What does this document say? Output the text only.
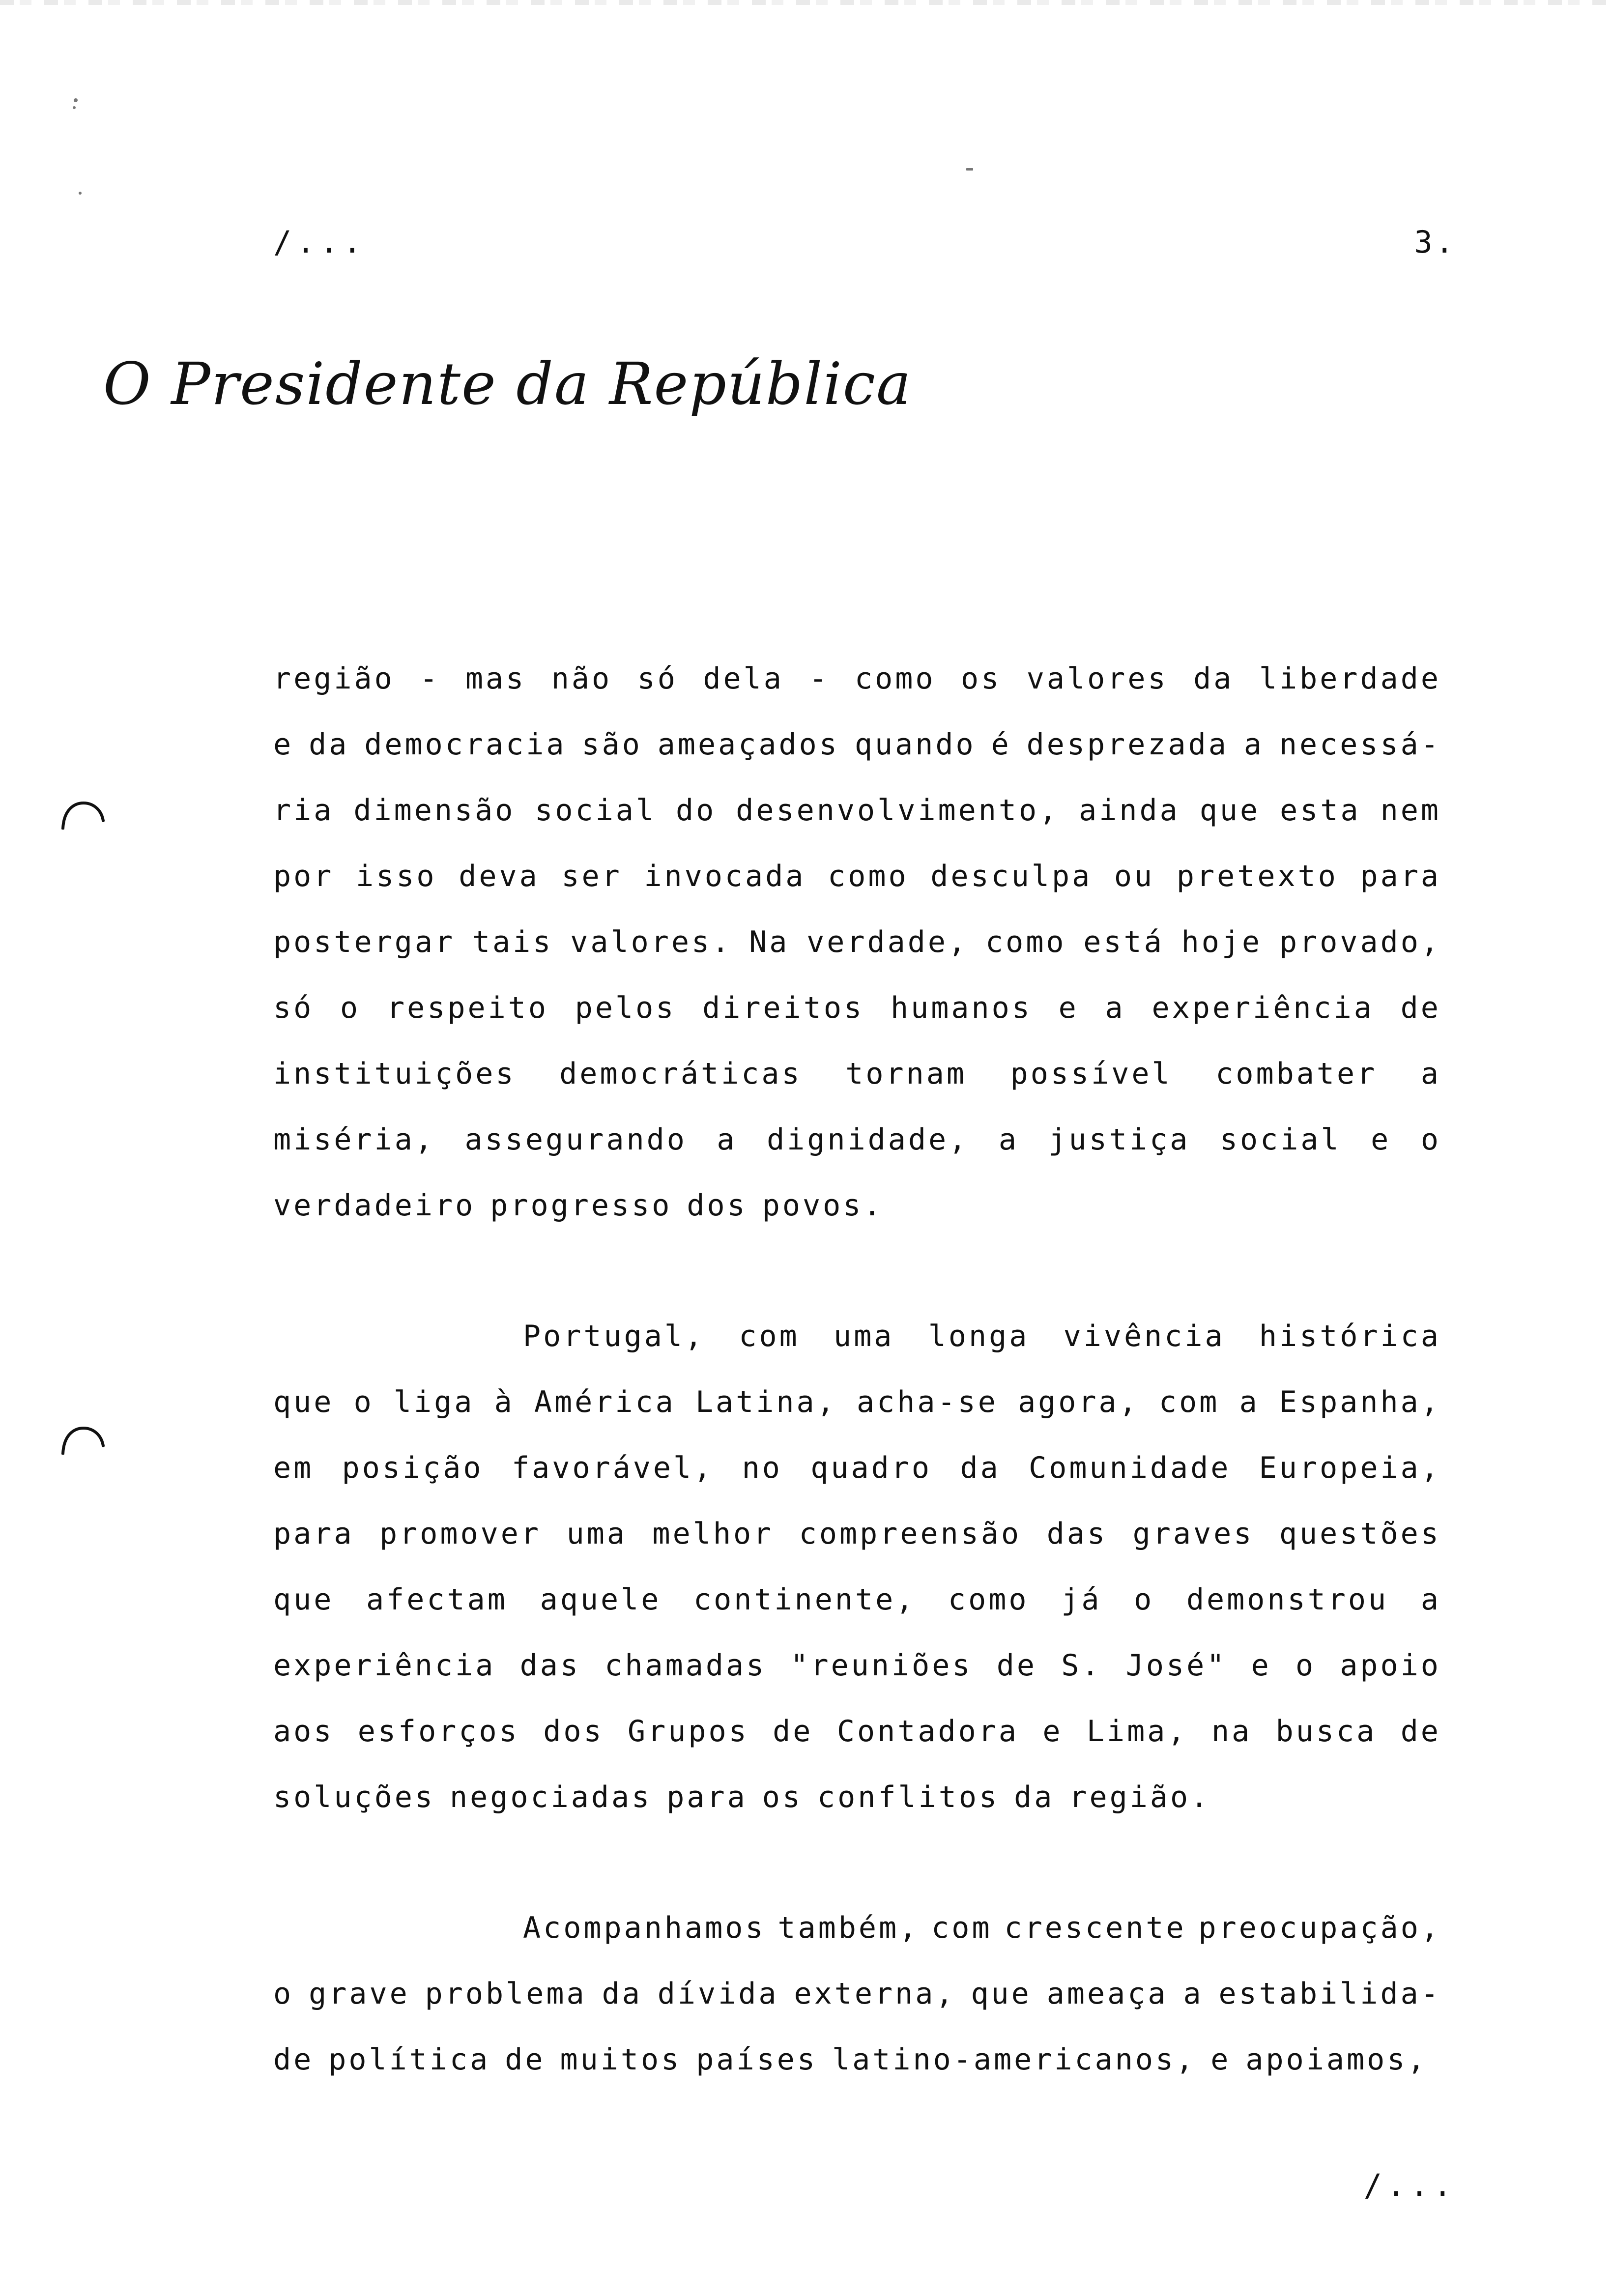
/...	3.
O Presidente da República
região - mas não só dela - como os valores da liberdade
e da democracia são ameaçados quando é desprezada a necessá-
ria dimensão social do desenvolvimento, ainda que esta nem
por isso deva ser invocada como desculpa ou pretexto para
postergar tais valores. Na verdade, como está hoje provado,
só o respeito pelos direitos humanos e a experiência de
instituições democráticas tornam possível combater a
miséria, assegurando a dignidade, a justiça social e o
verdadeiro progresso dos povos.
Portugal, com uma longa vivência histórica
que o liga à América Latina, acha-se agora, com a Espanha,
em posição favorável, no quadro da Comunidade Europeia,
para promover uma melhor compreensão das graves questões
que afectam aquele continente, como já o demonstrou a
experiência das chamadas "reuniões de S. José" e o apoio
aos esforços dos Grupos de Contadora e Lima, na busca de
soluções negociadas para os conflitos da região.
Acompanhamos também, com crescente preocupação,
o grave problema da dívida externa, que ameaça a estabilida-
de política de muitos países latino-americanos, e apoiamos,
/...
